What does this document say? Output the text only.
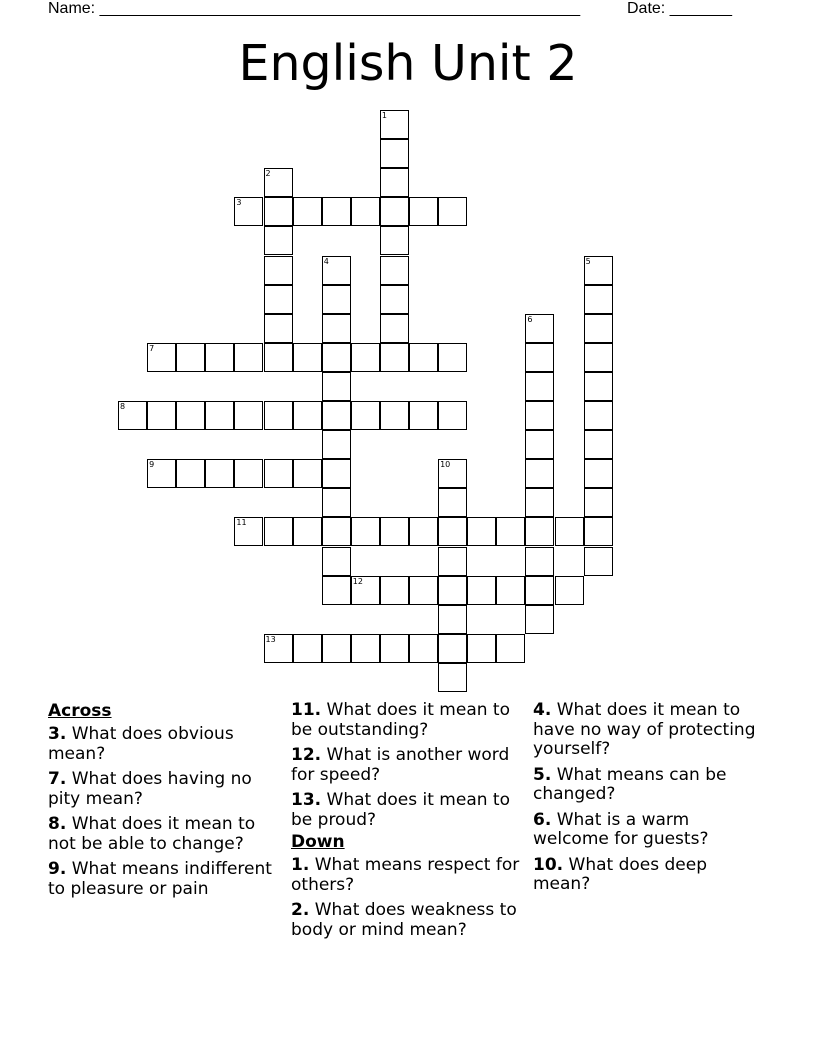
Name: ______________________________________________________	Date: _______
English Unit 2
1
2
3
4	5
6
7
8
9	10
11
12
13
Across
3. What does obvious mean?
7. What does having no pity mean?
8. What does it mean to not be able to change?
9. What means indifferent to pleasure or pain
11. What does it mean to be outstanding?
12. What is another word for speed?
13. What does it mean to be proud?
Down
1. What means respect for others?
2. What does weakness to body or mind mean?
4. What does it mean to have no way of protecting yourself?
5. What means can be changed?
6. What is a warm welcome for guests?
10. What does deep mean?
